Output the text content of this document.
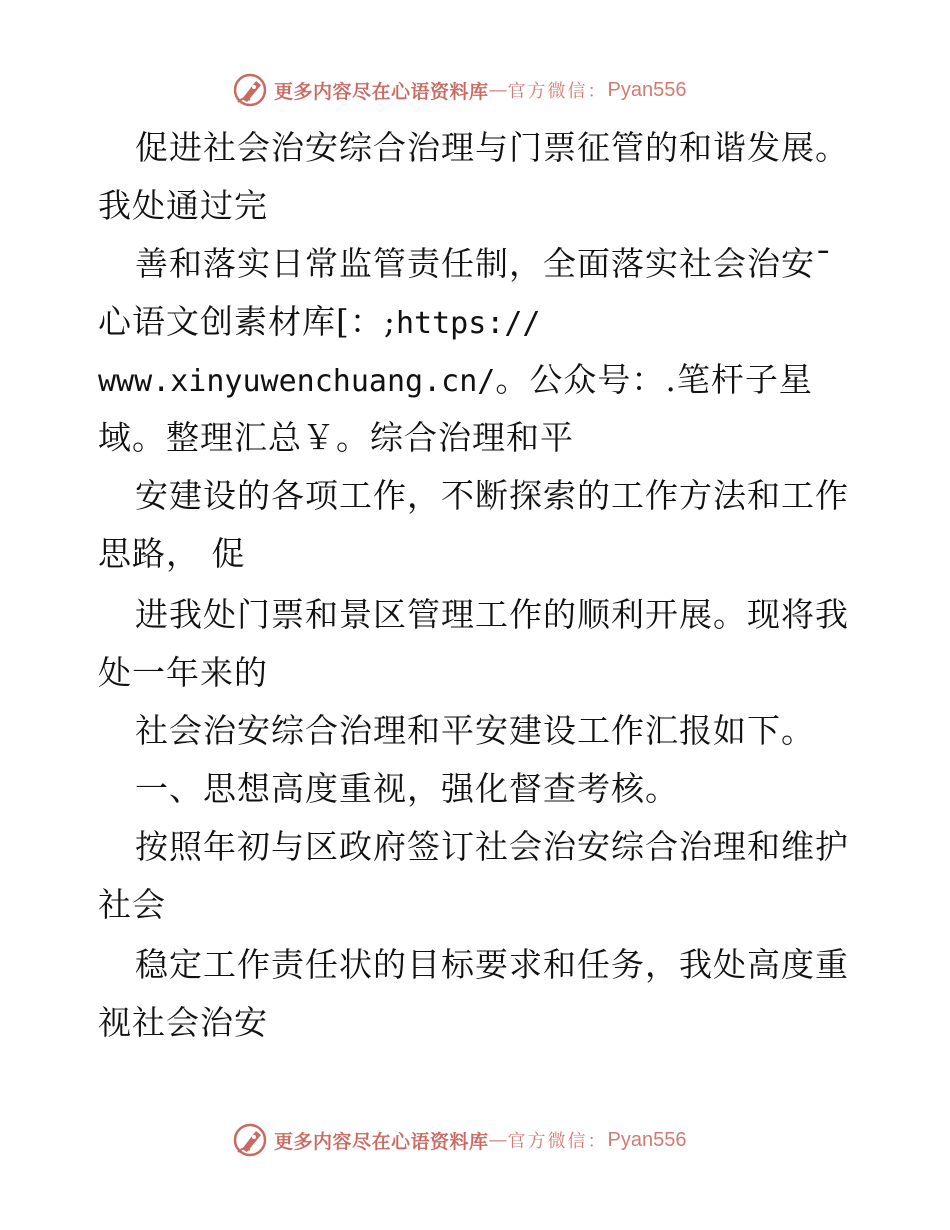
更多内容尽在心语资料库 — 官方微信： Pyan556
促进社会治安综合治理与门票征管的和谐发展。
我处通过完
善和落实日常监管责任制，全面落实社会治安¯
心语文创素材库[：;https://
www.xinyuwenchuang.cn/。公众号：.笔杆子星
域。整理汇总￥。综合治理和平
安建设的各项工作，不断探索的工作方法和工作
思路， 促
进我处门票和景区管理工作的顺利开展。现将我
处一年来的
社会治安综合治理和平安建设工作汇报如下。
一、思想高度重视，强化督查考核。
按照年初与区政府签订社会治安综合治理和维护
社会
稳定工作责任状的目标要求和任务，我处高度重
视社会治安
更多内容尽在心语资料库 — 官方微信： Pyan556
